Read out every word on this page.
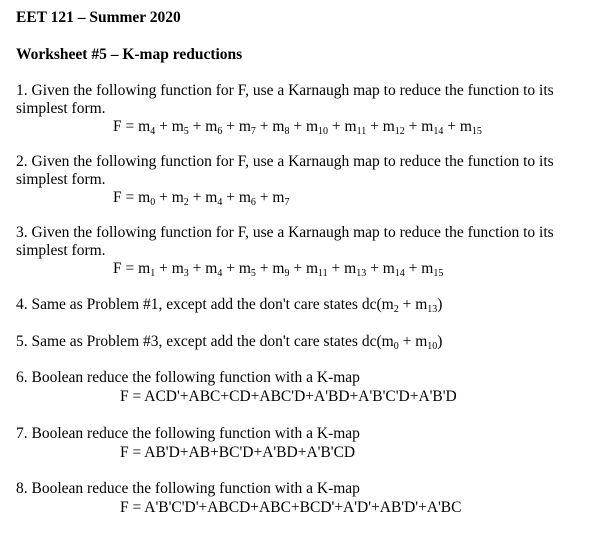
EET 121 – Summer 2020
Worksheet #5 – K-map reductions
1. Given the following function for F, use a Karnaugh map to reduce the function to its
simplest form.
$F = m_4 + m_5 + m_6 + m_7 + m_8 + m_{10} + m_{11} + m_{12} + m_{14} + m_{15}$
2. Given the following function for F, use a Karnaugh map to reduce the function to its
simplest form.
$F = m_0 + m_2 + m_4 + m_6 + m_7$
3. Given the following function for F, use a Karnaugh map to reduce the function to its
simplest form.
$F = m_1 + m_3 + m_4 + m_5 + m_9 + m_{11} + m_{13} + m_{14} + m_{15}$
4. Same as Problem #1, except add the don't care states $dc(m_2 + m_{13})$
5. Same as Problem #3, except add the don't care states $dc(m_0 + m_{10})$
6. Boolean reduce the following function with a K-map
F = ACD'+ABC+CD+ABC'D+A'BD+A'B'C'D+A'B'D
7. Boolean reduce the following function with a K-map
F = AB'D+AB+BC'D+A'BD+A'B'CD
8. Boolean reduce the following function with a K-map
F = A'B'C'D'+ABCD+ABC+BCD'+A'D'+AB'D'+A'BC
